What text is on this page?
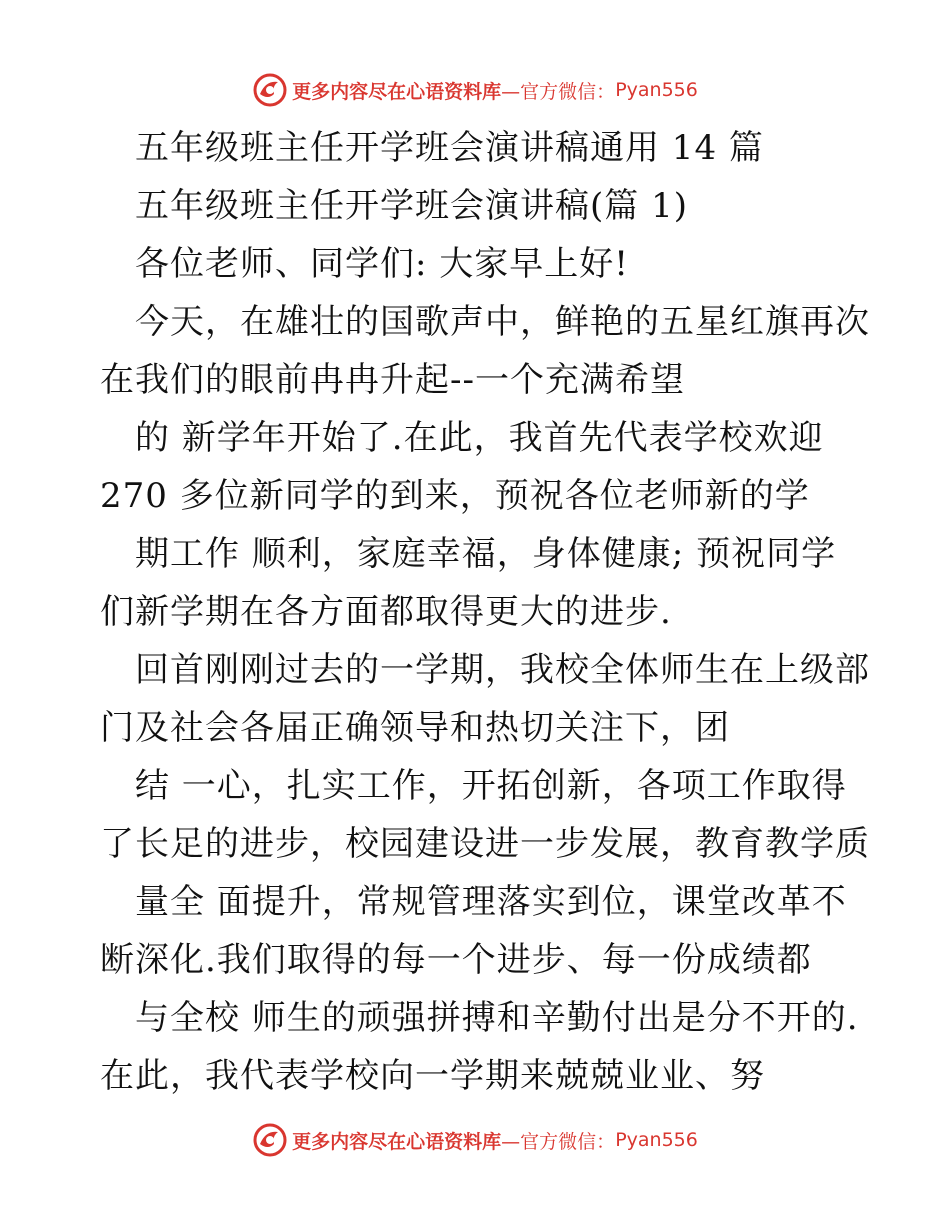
更多内容尽在心语资料库 —官方微信： Pyan556
五年级班主任开学班会演讲稿通用 14 篇
五年级班主任开学班会演讲稿(篇 1)
各位老师、同学们: 大家早上好!
今天，在雄壮的国歌声中，鲜艳的五星红旗再次
在我们的眼前冉冉升起--一个充满希望
的 新学年开始了.在此，我首先代表学校欢迎
270 多位新同学的到来，预祝各位老师新的学
期工作 顺利，家庭幸福，身体健康; 预祝同学
们新学期在各方面都取得更大的进步.
回首刚刚过去的一学期，我校全体师生在上级部
门及社会各届正确领导和热切关注下，团
结 一心，扎实工作，开拓创新，各项工作取得
了长足的进步，校园建设进一步发展，教育教学质
量全 面提升，常规管理落实到位，课堂改革不
断深化.我们取得的每一个进步、每一份成绩都
与全校 师生的顽强拼搏和辛勤付出是分不开的.
在此，我代表学校向一学期来兢兢业业、努
更多内容尽在心语资料库 —官方微信： Pyan556
